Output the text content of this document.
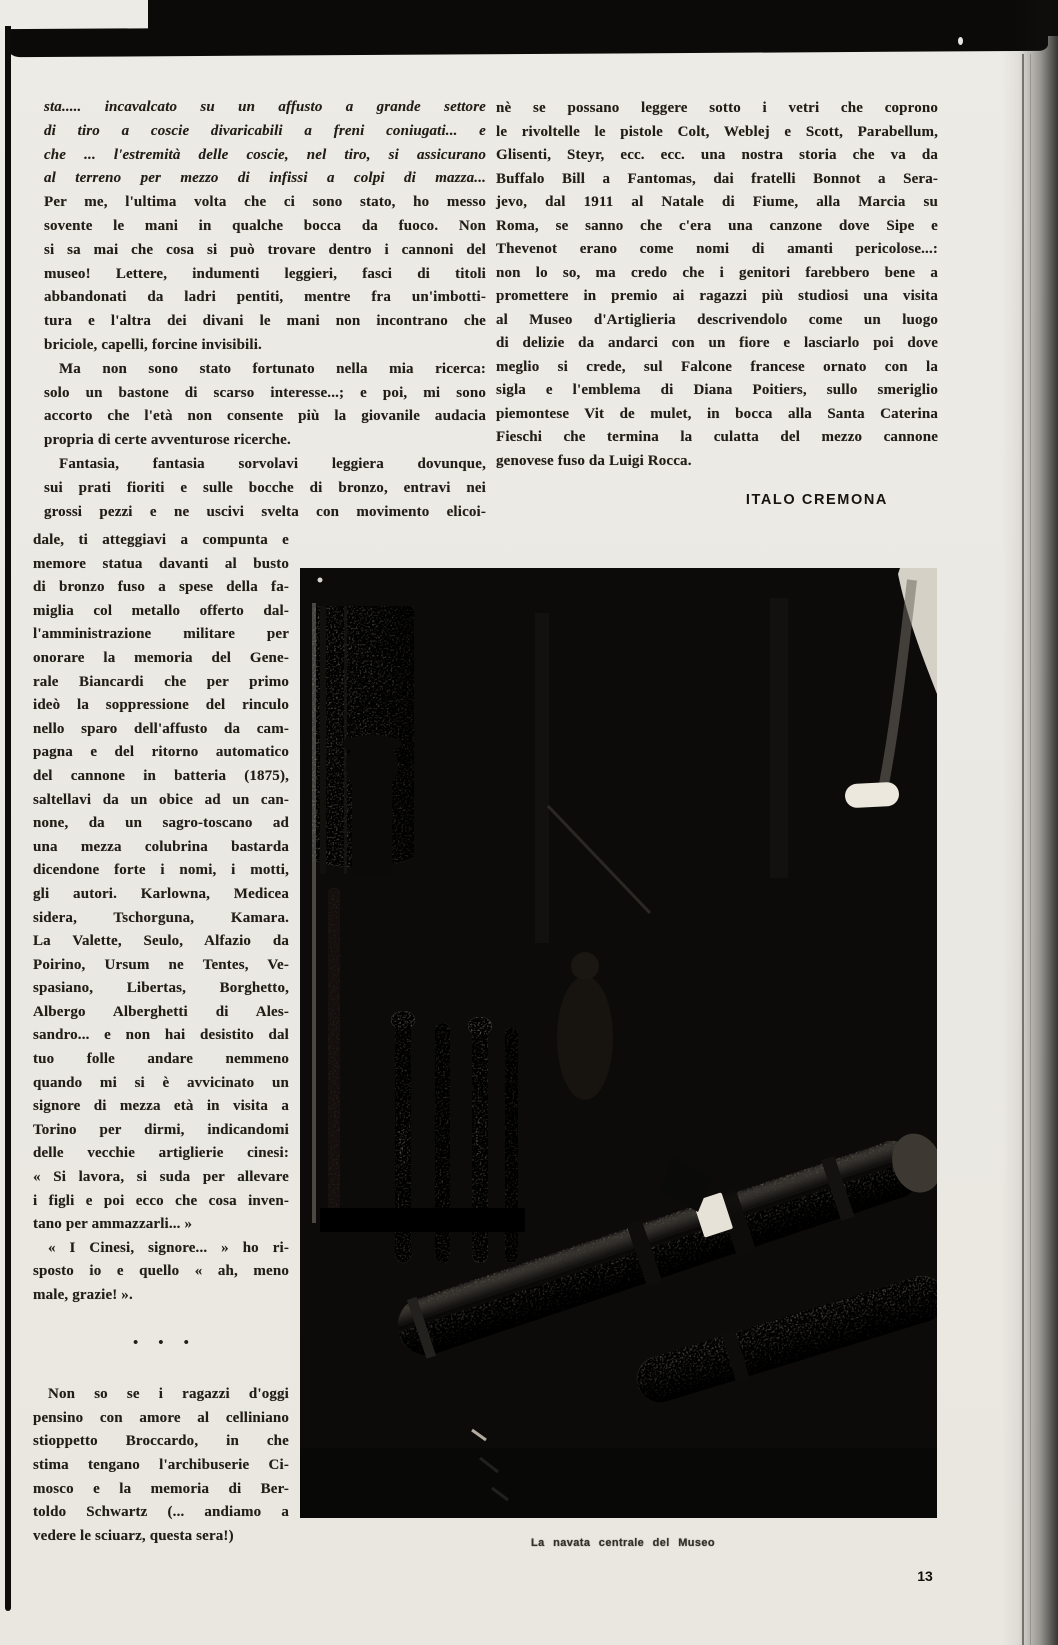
sta..... incavalcato su un affusto a grande settore
di tiro a coscie divaricabili a freni coniugati... e
che ... l'estremità delle coscie, nel tiro, si assicurano
al terreno per mezzo di infissi a colpi di mazza...
Per me, l'ultima volta che ci sono stato, ho messo
sovente le mani in qualche bocca da fuoco. Non
si sa mai che cosa si può trovare dentro i cannoni del
museo! Lettere, indumenti leggieri, fasci di titoli
abbandonati da ladri pentiti, mentre fra un'imbotti-
tura e l'altra dei divani le mani non incontrano che
briciole, capelli, forcine invisibili.
Ma non sono stato fortunato nella mia ricerca:
solo un bastone di scarso interesse...; e poi, mi sono
accorto che l'età non consente più la giovanile audacia
propria di certe avventurose ricerche.
Fantasia, fantasia sorvolavi leggiera dovunque,
sui prati fioriti e sulle bocche di bronzo, entravi nei
grossi pezzi e ne uscivi svelta con movimento elicoi-
dale, ti atteggiavi a compunta e
memore statua davanti al busto
di bronzo fuso a spese della fa-
miglia col metallo offerto dal-
l'amministrazione militare per
onorare la memoria del Gene-
rale Biancardi che per primo
ideò la soppressione del rinculo
nello sparo dell'affusto da cam-
pagna e del ritorno automatico
del cannone in batteria (1875),
saltellavi da un obice ad un can-
none, da un sagro-toscano ad
una mezza colubrina bastarda
dicendone forte i nomi, i motti,
gli autori. Karlowna, Medicea
sidera, Tschorguna, Kamara.
La Valette, Seulo, Alfazio da
Poirino, Ursum ne Tentes, Ve-
spasiano, Libertas, Borghetto,
Albergo Alberghetti di Ales-
sandro... e non hai desistito dal
tuo folle andare nemmeno
quando mi si è avvicinato un
signore di mezza età in visita a
Torino per dirmi, indicandomi
delle vecchie artiglierie cinesi:
« Si lavora, si suda per allevare
i figli e poi ecco che cosa inven-
tano per ammazzarli... »
« I Cinesi, signore... » ho ri-
sposto io e quello « ah, meno
male, grazie! ».
• • •
Non so se i ragazzi d'oggi
pensino con amore al celliniano
stioppetto Broccardo, in che
stima tengano l'archibuserie Ci-
mosco e la memoria di Ber-
toldo Schwartz (... andiamo a
vedere le sciuarz, questa sera!)
nè se possano leggere sotto i vetri che coprono
le rivoltelle le pistole Colt, Weblej e Scott, Parabellum,
Glisenti, Steyr, ecc. ecc. una nostra storia che va da
Buffalo Bill a Fantomas, dai fratelli Bonnot a Sera-
jevo, dal 1911 al Natale di Fiume, alla Marcia su
Roma, se sanno che c'era una canzone dove Sipe e
Thevenot erano come nomi di amanti pericolose...:
non lo so, ma credo che i genitori farebbero bene a
promettere in premio ai ragazzi più studiosi una visita
al Museo d'Artiglieria descrivendolo come un luogo
di delizie da andarci con un fiore e lasciarlo poi dove
meglio si crede, sul Falcone francese ornato con la
sigla e l'emblema di Diana Poitiers, sullo smeriglio
piemontese Vit de mulet, in bocca alla Santa Caterina
Fieschi che termina la culatta del mezzo cannone
genovese fuso da Luigi Rocca.
ITALO CREMONA
La navata centrale del Museo
13
